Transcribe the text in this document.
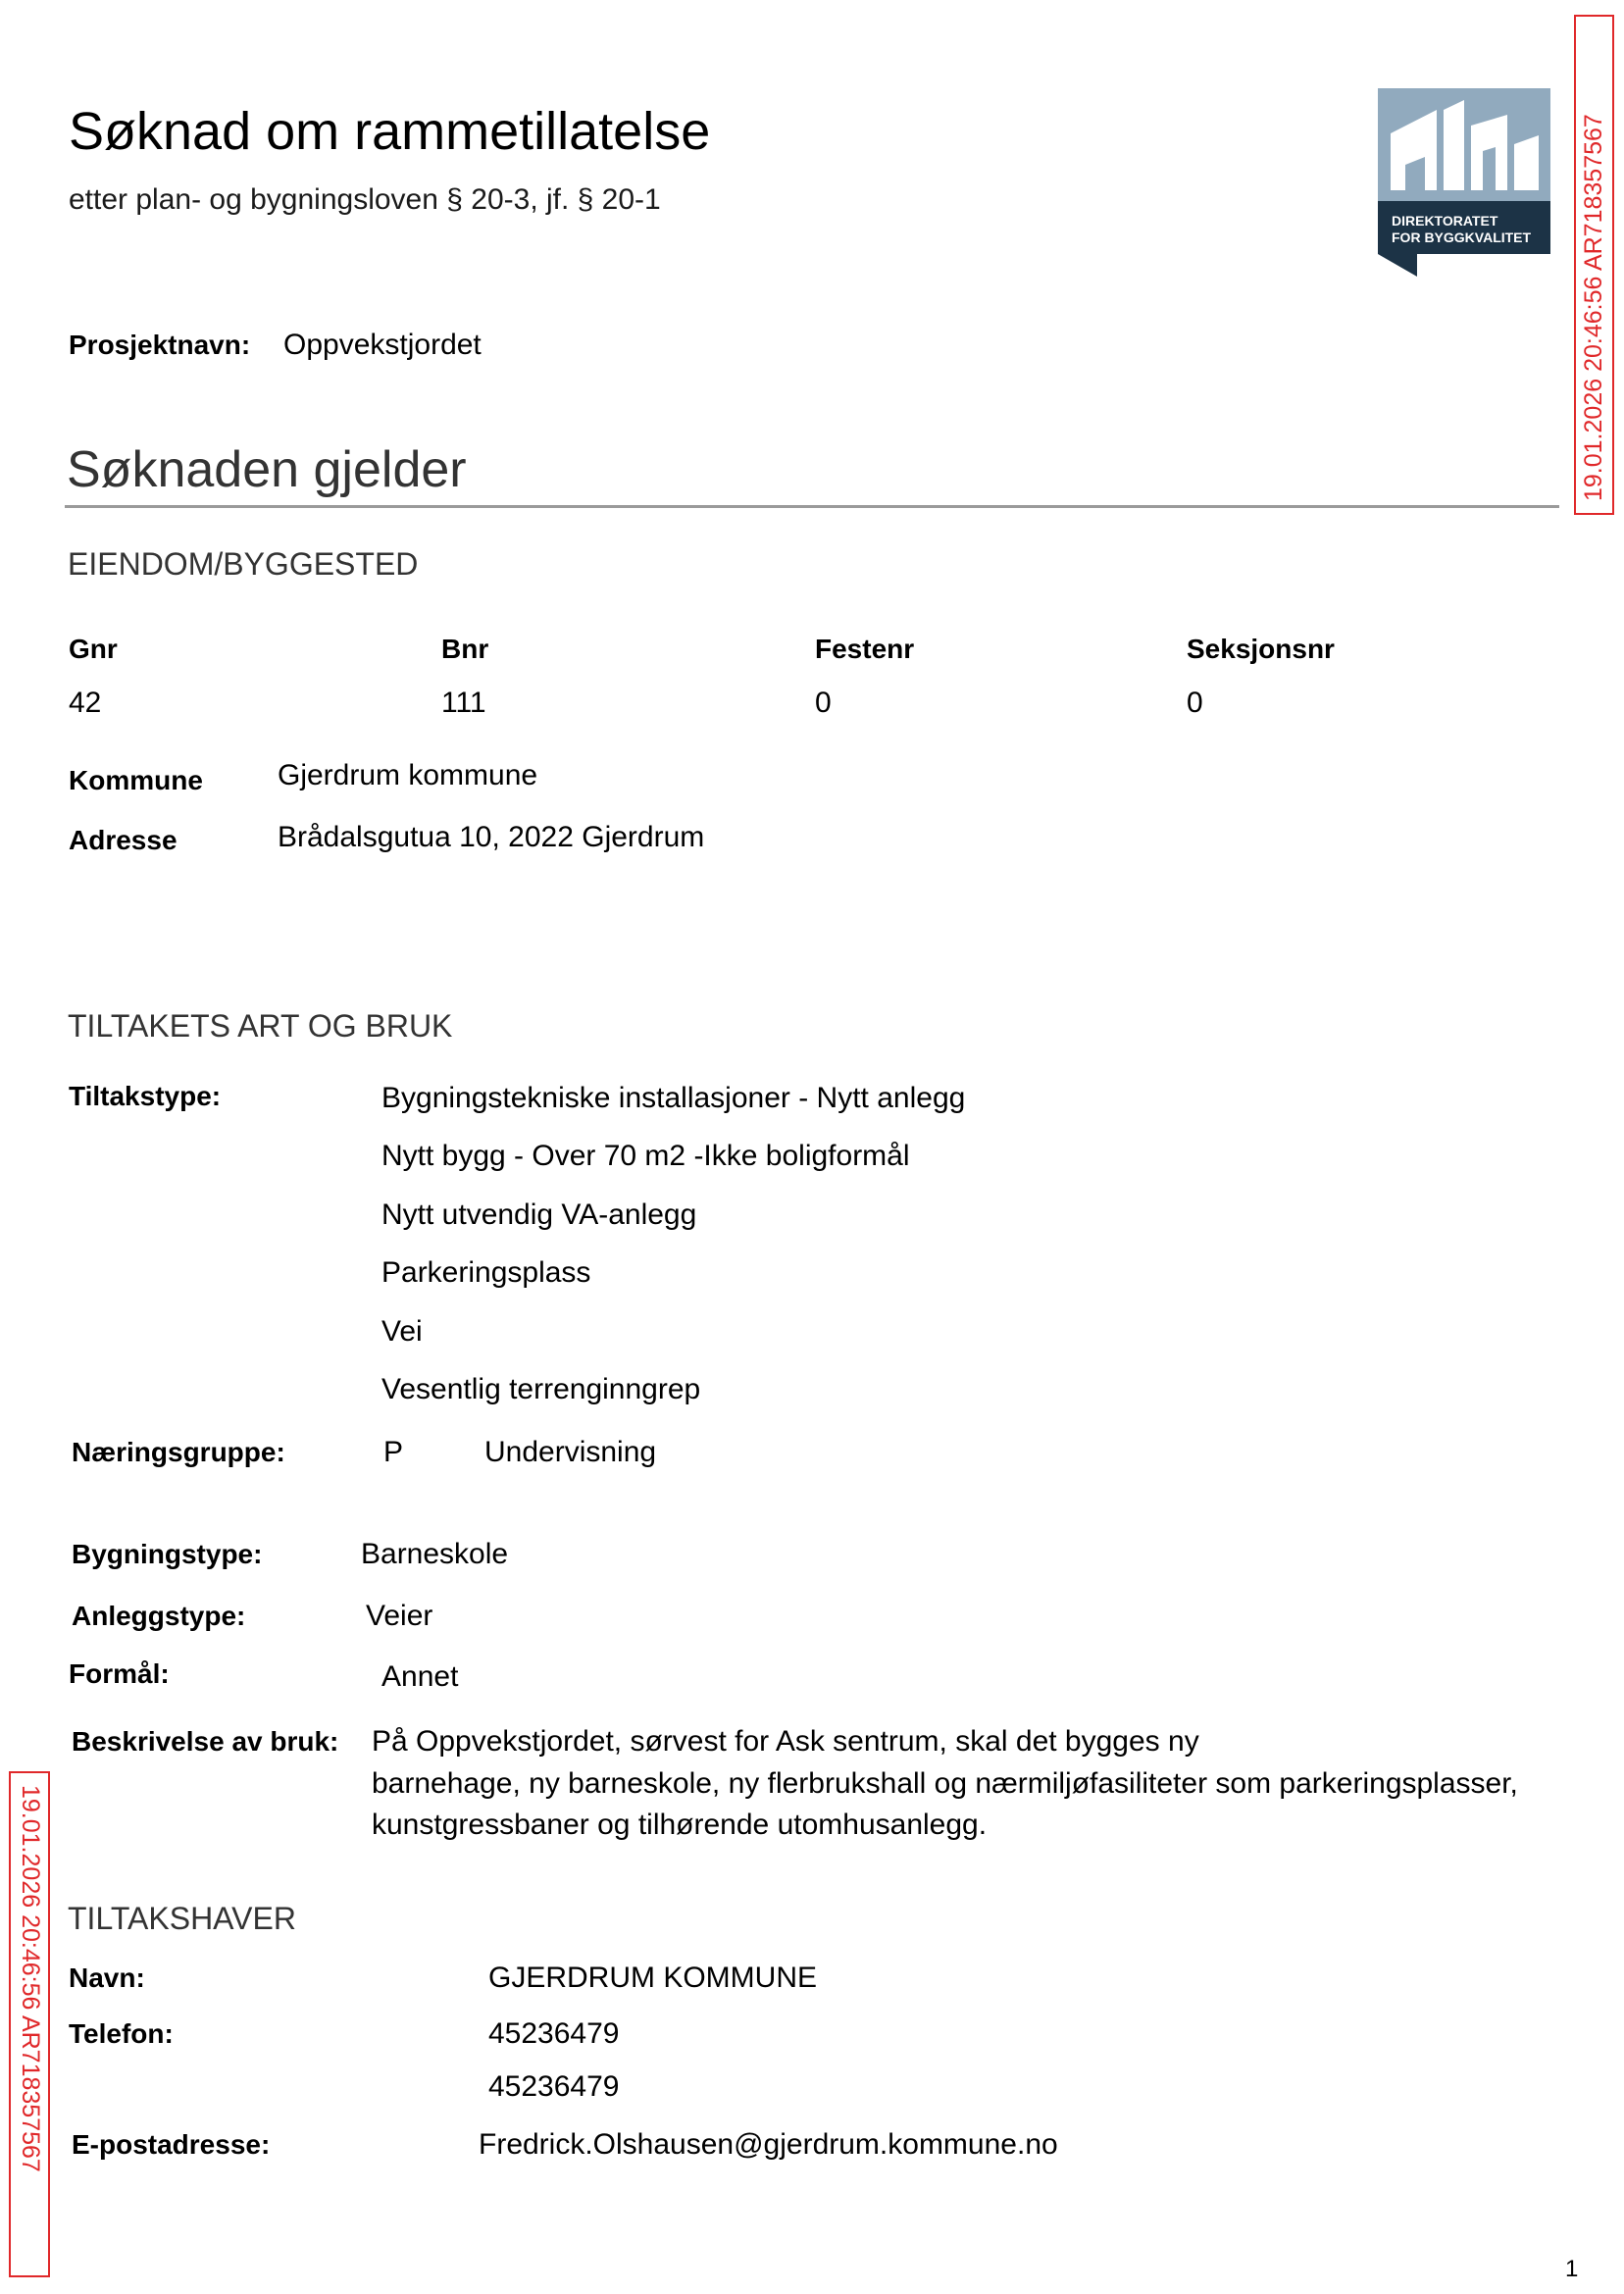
Søknad om rammetillatelse
etter plan- og bygningsloven § 20-3, jf. § 20-1
DIREKTORATET
FOR BYGGKVALITET 19.01.2026 20:46:56 AR718357567
Prosjektnavn: Oppvekstjordet
Søknaden gjelder
EIENDOM/BYGGESTED
Gnr	Bnr	Festenr	Seksjonsnr
42	111	0	0
Kommune	Gjerdrum kommune
Adresse	Brådalsgutua 10, 2022 Gjerdrum
TILTAKETS ART OG BRUK
Tiltakstype:	Bygningstekniske installasjoner - Nytt anlegg
Nytt bygg - Over 70 m2 -Ikke boligformål
Nytt utvendig VA-anlegg
Parkeringsplass
Vei
Vesentlig terrenginngrep
Næringsgruppe:	P	Undervisning
Bygningstype:	Barneskole
Anleggstype:	Veier
Formål:	Annet
Beskrivelse av bruk: På Oppvekstjordet, sørvest for Ask sentrum, skal det bygges ny
barnehage, ny barneskole, ny flerbrukshall og nærmiljøfasiliteter som parkeringsplasser,
kunstgressbaner og tilhørende utomhusanlegg.
19.01.2026 20:46:56 AR718357567 TILTAKSHAVER
Navn:	GJERDRUM KOMMUNE
Telefon:	45236479
45236479
E-postadresse:	Fredrick.Olshausen@gjerdrum.kommune.no
1
